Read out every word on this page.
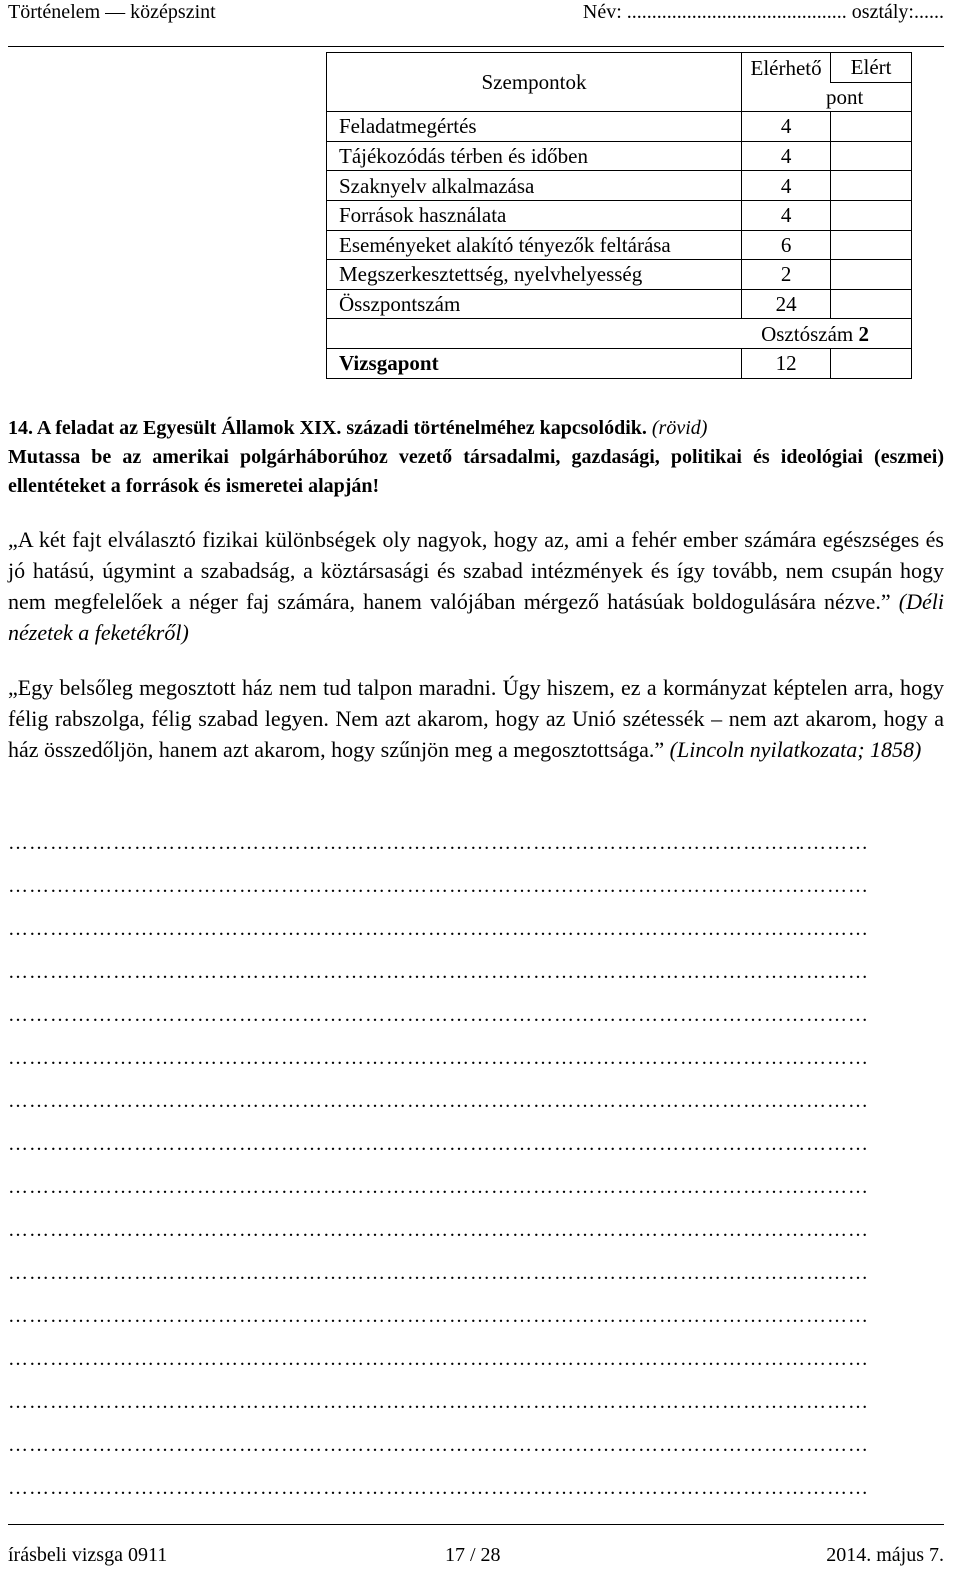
Történelem — középszint	Név: ............................................ osztály:......
Szempontok	Elérhető	Elért
	pont	
Feladatmegértés	4	
Tájékozódás térben és időben	4	
Szaknyelv alkalmazása	4	
Források használata	4	
Eseményeket alakító tényezők feltárása	6	
Megszerkesztettség, nyelvhelyesség	2	
Összpontszám	24	
Osztószám 2		
Vizsgapont	12	
14. A feladat az Egyesült Államok XIX. századi történelméhez kapcsolódik. (rövid)
Mutassa be az amerikai polgárháborúhoz vezető társadalmi, gazdasági, politikai és ideológiai (eszmei) ellentéteket a források és ismeretei alapján!
„A két fajt elválasztó fizikai különbségek oly nagyok, hogy az, ami a fehér ember számára egészséges és jó hatású, úgymint a szabadság, a köztársasági és szabad intézmények és így tovább, nem csupán hogy nem megfelelőek a néger faj számára, hanem valójában mérgező hatásúak boldogulására nézve.” (Déli nézetek a feketékről)
„Egy belsőleg megosztott ház nem tud talpon maradni. Úgy hiszem, ez a kormányzat képtelen arra, hogy félig rabszolga, félig szabad legyen. Nem azt akarom, hogy az Unió szétessék – nem azt akarom, hogy a ház összedőljön, hanem azt akarom, hogy szűnjön meg a megosztottsága.” (Lincoln nyilatkozata; 1858)
……………………………………………………………………………………………………………
……………………………………………………………………………………………………………
……………………………………………………………………………………………………………
……………………………………………………………………………………………………………
……………………………………………………………………………………………………………
……………………………………………………………………………………………………………
……………………………………………………………………………………………………………
……………………………………………………………………………………………………………
……………………………………………………………………………………………………………
……………………………………………………………………………………………………………
……………………………………………………………………………………………………………
……………………………………………………………………………………………………………
……………………………………………………………………………………………………………
……………………………………………………………………………………………………………
……………………………………………………………………………………………………………
……………………………………………………………………………………………………………
írásbeli vizsga 0911	17 / 28	2014. május 7.
